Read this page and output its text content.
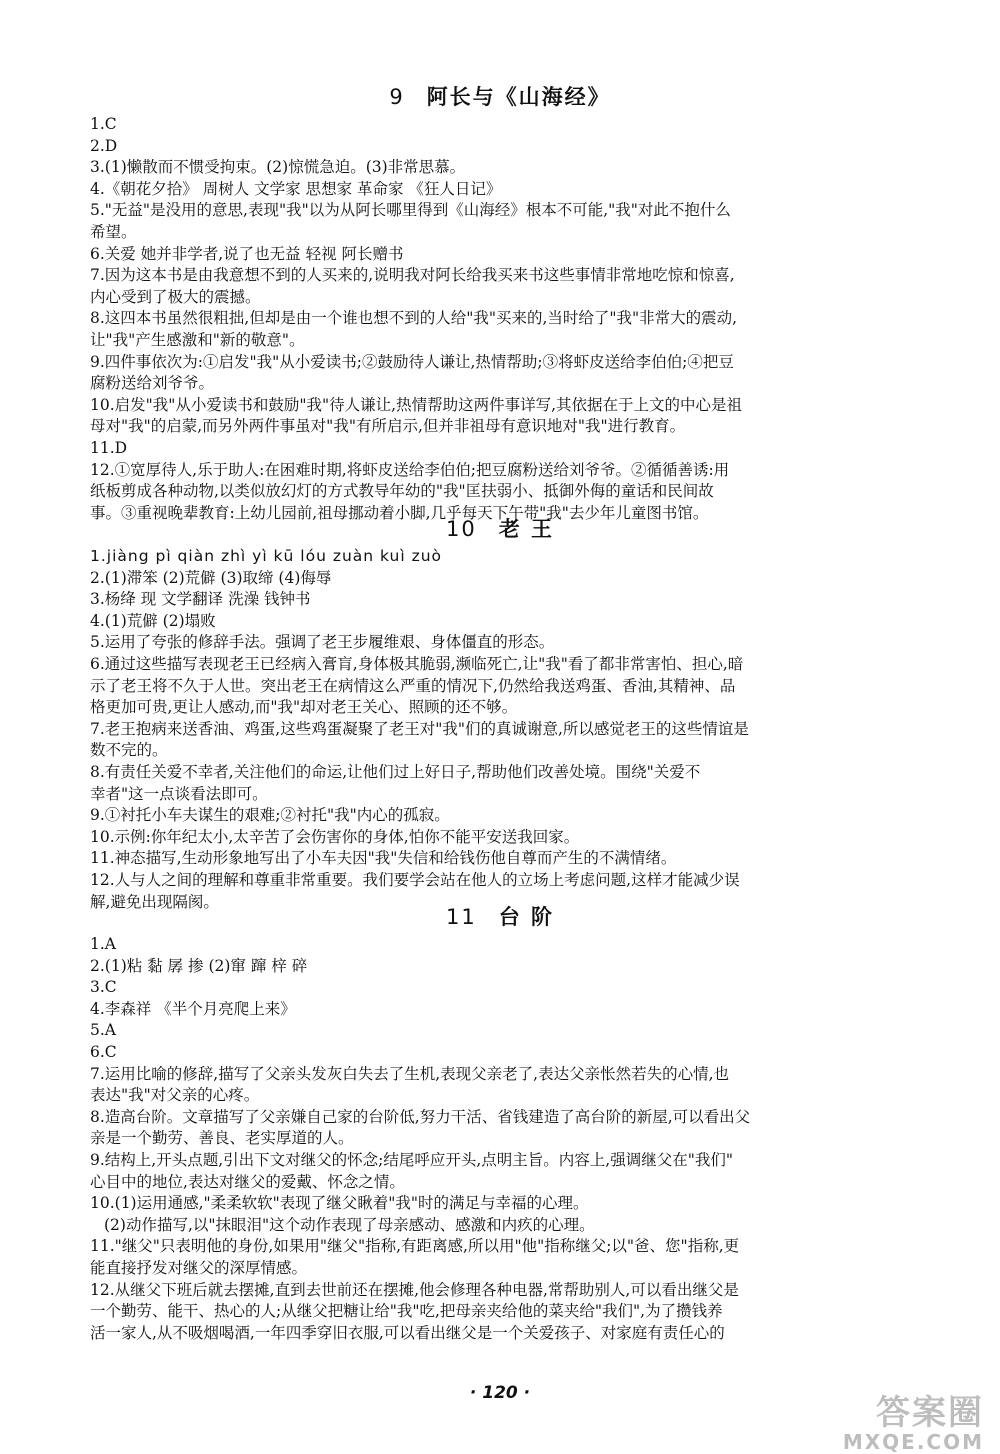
9 阿长与《山海经》
1.C
2.D
3.(1)懒散而不惯受拘束。(2)惊慌急迫。(3)非常思慕。
4.《朝花夕拾》 周树人 文学家 思想家 革命家 《狂人日记》
5."无益"是没用的意思,表现"我"以为从阿长哪里得到《山海经》根本不可能,"我"对此不抱什么
希望。
6.关爱 她并非学者,说了也无益 轻视 阿长赠书
7.因为这本书是由我意想不到的人买来的,说明我对阿长给我买来书这些事情非常地吃惊和惊喜,
内心受到了极大的震撼。
8.这四本书虽然很粗拙,但却是由一个谁也想不到的人给"我"买来的,当时给了"我"非常大的震动,
让"我"产生感激和"新的敬意"。
9.四件事依次为:①启发"我"从小爱读书;②鼓励待人谦让,热情帮助;③将虾皮送给李伯伯;④把豆
腐粉送给刘爷爷。
10.启发"我"从小爱读书和鼓励"我"待人谦让,热情帮助这两件事详写,其依据在于上文的中心是祖
母对"我"的启蒙,而另外两件事虽对"我"有所启示,但并非祖母有意识地对"我"进行教育。
11.D
12.①宽厚待人,乐于助人:在困难时期,将虾皮送给李伯伯;把豆腐粉送给刘爷爷。②循循善诱:用
纸板剪成各种动物,以类似放幻灯的方式教导年幼的"我"匡扶弱小、抵御外侮的童话和民间故
事。③重视晚辈教育:上幼儿园前,祖母挪动着小脚,几乎每天下午带"我"去少年儿童图书馆。
10 老 王
1.jiàng pì qiàn zhì yì kū lóu zuàn kuì zuò
2.(1)滞笨 (2)荒僻 (3)取缔 (4)侮辱
3.杨绛 现 文学翻译 洗澡 钱钟书
4.(1)荒僻 (2)塌败
5.运用了夸张的修辞手法。强调了老王步履维艰、身体僵直的形态。
6.通过这些描写表现老王已经病入膏肓,身体极其脆弱,濒临死亡,让"我"看了都非常害怕、担心,暗
示了老王将不久于人世。突出老王在病情这么严重的情况下,仍然给我送鸡蛋、香油,其精神、品
格更加可贵,更让人感动,而"我"却对老王关心、照顾的还不够。
7.老王抱病来送香油、鸡蛋,这些鸡蛋凝聚了老王对"我"们的真诚谢意,所以感觉老王的这些情谊是
数不完的。
8.有责任关爱不幸者,关注他们的命运,让他们过上好日子,帮助他们改善处境。围绕"关爱不
幸者"这一点谈看法即可。
9.①衬托小车夫谋生的艰难;②衬托"我"内心的孤寂。
10.示例:你年纪太小,太辛苦了会伤害你的身体,怕你不能平安送我回家。
11.神态描写,生动形象地写出了小车夫因"我"失信和给钱伤他自尊而产生的不满情绪。
12.人与人之间的理解和尊重非常重要。我们要学会站在他人的立场上考虑问题,这样才能减少误
解,避免出现隔阂。
11 台 阶
1.A
2.(1)粘 黏 孱 掺 (2)窜 蹿 梓 碎
3.C
4.李森祥 《半个月亮爬上来》
5.A
6.C
7.运用比喻的修辞,描写了父亲头发灰白失去了生机,表现父亲老了,表达父亲怅然若失的心情,也
表达"我"对父亲的心疼。
8.造高台阶。文章描写了父亲嫌自己家的台阶低,努力干活、省钱建造了高台阶的新屋,可以看出父
亲是一个勤劳、善良、老实厚道的人。
9.结构上,开头点题,引出下文对继父的怀念;结尾呼应开头,点明主旨。内容上,强调继父在"我们"
心目中的地位,表达对继父的爱戴、怀念之情。
10.(1)运用通感,"柔柔软软"表现了继父瞅着"我"时的满足与幸福的心理。
(2)动作描写,以"抹眼泪"这个动作表现了母亲感动、感激和内疚的心理。
11."继父"只表明他的身份,如果用"继父"指称,有距离感,所以用"他"指称继父;以"爸、您"指称,更
能直接抒发对继父的深厚情感。
12.从继父下班后就去摆摊,直到去世前还在摆摊,他会修理各种电器,常帮助别人,可以看出继父是
一个勤劳、能干、热心的人;从继父把糖让给"我"吃,把母亲夹给他的菜夹给"我们",为了攒钱养
活一家人,从不吸烟喝酒,一年四季穿旧衣服,可以看出继父是一个关爱孩子、对家庭有责任心的
· 120 ·	答案圈
MXQE.COM
